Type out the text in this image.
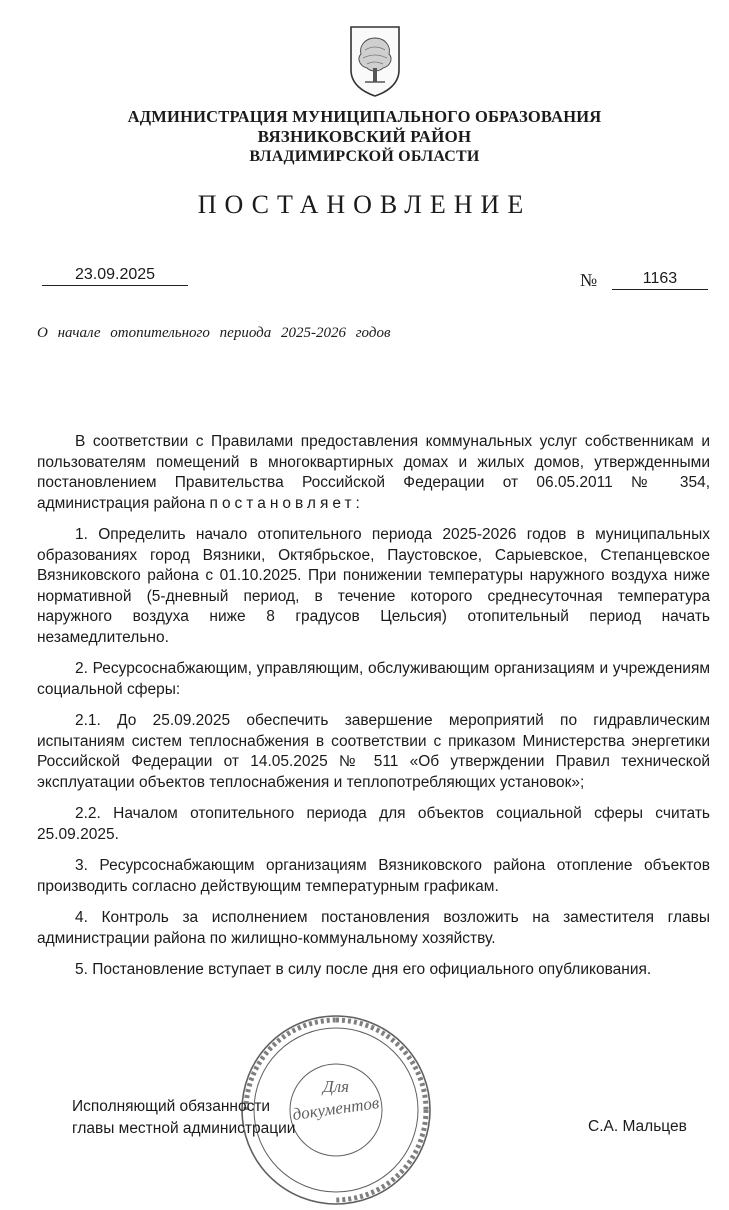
АДМИНИСТРАЦИЯ МУНИЦИПАЛЬНОГО ОБРАЗОВАНИЯ
ВЯЗНИКОВСКИЙ РАЙОН
ВЛАДИМИРСКОЙ ОБЛАСТИ
ПОСТАНОВЛЕНИЕ
23.09.2025	№	1163
О начале отопительного периода 2025-2026 годов

В соответствии с Правилами предоставления коммунальных услуг собственникам и пользователям помещений в многоквартирных домах и жилых домов, утвержденными постановлением Правительства Российской Федерации от 06.05.2011 № 354, администрация района постановляет:

1. Определить начало отопительного периода 2025-2026 годов в муниципальных образованиях город Вязники, Октябрьское, Паустовское, Сарыевское, Степанцевское Вязниковского района с 01.10.2025. При понижении температуры наружного воздуха ниже нормативной (5-дневный период, в течение которого среднесуточная температура наружного воздуха ниже 8 градусов Цельсия) отопительный период начать незамедлительно.

2. Ресурсоснабжающим, управляющим, обслуживающим организациям и учреждениям социальной сферы:

2.1. До 25.09.2025 обеспечить завершение мероприятий по гидравлическим испытаниям систем теплоснабжения в соответствии с приказом Министерства энергетики Российской Федерации от 14.05.2025 № 511 «Об утверждении Правил технической эксплуатации объектов теплоснабжения и теплопотребляющих установок»;

2.2. Началом отопительного периода для объектов социальной сферы считать 25.09.2025.

3. Ресурсоснабжающим организациям Вязниковского района отопление объектов производить согласно действующим температурным графикам.

4. Контроль за исполнением постановления возложить на заместителя главы администрации района по жилищно-коммунальному хозяйству.

5. Постановление вступает в силу после дня его официального опубликования.

Для
документов
Исполняющий обязанности
главы местной администрации	С.А. Мальцев
